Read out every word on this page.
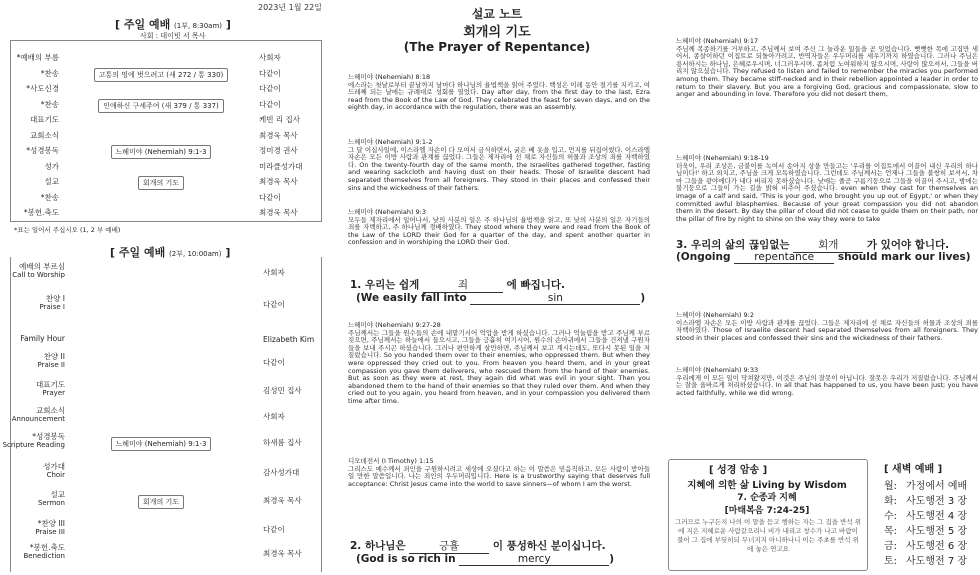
[ 주일 예배 (1부, 8:30am) ]
사회 : 데이빗 서 목사
*예배의 부름	사회자
*찬송	고통의 멍에 벗으려고 (새 272 / 통 330)	다같이
*사도신경	다같이
*찬송	인애하신 구세주여 (새 379 / 통 337)	다같이
대표기도	케빈 리 집사
교회소식	최경욱 목사
*성경봉독	느헤미야 (Nehemiah) 9:1-3	정미경 권사
성가	미라클성가대
설교	회개의 기도	최경욱 목사
*찬송	다같이
*봉헌.축도	최경욱 목사
*표는 일어서 주십시오 (1, 2 부 예배)
[ 주일 예배 (2부, 10:00am) ]
예배의 부르심
Call to Worship	사회자
찬양 I
Praise I	다같이
Family Hour	Elizabeth Kim
찬양 II
Praise II	다같이
대표기도
Prayer	김성민 집사
교회소식
Announcement	사회자
*성경봉독
Scripture Reading	느헤미야 (Nehemiah) 9:1-3	하새롬 집사
성가대
Choir	감사성가대
설교
Sermon	회개의 기도	최경욱 목사
*찬양 III
Praise III	다같이
*봉헌.축도
Benediction	최경욱 목사
2023년 1월 22일	설교 노트
회개의 기도
(The Prayer of Repentance)
느헤미야 (Nehemiah) 8:18
에스라는 첫날로부터 끝날까지 날마다 하나님의 율법책을 읽어 주었다. 백성은 이레 동안 절기를 지키고, 여드레째 되는 날에는 규례대로 성회를 열었다. Day after day, from the first day to the last, Ezra read from the Book of the Law of God. They celebrated the feast for seven days, and on the eighth day, in accordance with the regulation, there was an assembly.
느헤미야 (Nehemiah) 9:1-2
그 달 이십사일에, 이스라엘 자손이 다 모여서 금식하면서, 굵은 베 옷을 입고, 먼지를 뒤집어썼다. 이스라엘 자손은 모든 이방 사람과 관계를 끊었다. 그들은 제자리에 선 채로 자신들의 허물과 조상의 죄를 자백하였다. On the twenty-fourth day of the same month, the Israelites gathered together, fasting and wearing sackcloth and having dust on their heads. Those of Israelite descent had separated themselves from all foreigners. They stood in their places and confessed their sins and the wickedness of their fathers.
느헤미야 (Nehemiah) 9:3
모두들 제자리에서 일어나서, 낮의 사분의 일은 주 하나님의 율법책을 읽고, 또 낮의 사분의 일은 자기들의 죄를 자백하고, 주 하나님께 경배하였다. They stood where they were and read from the Book of the Law of the LORD their God for a quarter of the day, and spent another quarter in confession and in worshiping the LORD their God.
1. 우리는 쉽게	죄	에 빠집니다.
(We easily fall into	sin	)
느헤미야 (Nehemiah) 9:27-28
주님께서는 그들을 원수들의 손에 내맡기시어 억압을 받게 하셨습니다. 그러나 억눌림을 받고 주님께 부르짖으면, 주님께서는 하늘에서 들으시고, 그들을 긍휼히 여기시어, 원수의 손아귀에서 그들을 건져낼 구원자들을 보내 주시곤 하셨습니다. 그러나 편안하게 살만하면, 주님께서 보고 계시는데도, 또다시 못된 일을 저질렀습니다. So you handed them over to their enemies, who oppressed them. But when they were oppressed they cried out to you. From heaven you heard them, and in your great compassion you gave them deliverers, who rescued them from the hand of their enemies. But as soon as they were at rest, they again did what was evil in your sight. Then you abandoned them to the hand of their enemies so that they ruled over them. And when they cried out to you again, you heard from heaven, and in your compassion you delivered them time after time.
디모데전서 (I Timothy) 1:15
그리스도 예수께서 죄인을 구원하시려고 세상에 오셨다고 하는 이 말씀은 믿음직하고, 모든 사람이 받아들일 만한 말씀입니다. 나는 죄인의 우두머리입니다. Here is a trustworthy saying that deserves full acceptance: Christ Jesus came into the world to save sinners—of whom I am the worst.
2. 하나님은	긍휼	이 풍성하신 분이십니다.
(God is so rich in	mercy	)
느헤미야 (Nehemiah) 9:17
주님께 복종하기를 거부하고, 주님께서 보여 주신 그 놀라운 일들을 곧 잊었습니다. 뻣뻣한 목에 고집만 세어서, 종살이하던 이집트로 되돌아가려고, 반역자들은 우두머리를 세우기까지 하였습니다. 그러나 주님은 용서하시는 하나님, 은혜로우시며, 너그러우시며, 좀처럼 노여워하지 않으시며, 사랑이 많으셔서, 그들을 버리지 않으셨습니다. They refused to listen and failed to remember the miracles you performed among them. They became stiff-necked and in their rebellion appointed a leader in order to return to their slavery. But you are a forgiving God, gracious and compassionate, slow to anger and abounding in love. Therefore you did not desert them,
느헤미야 (Nehemiah) 9:18-19
더욱이, 우리 조상은, 금붙이를 녹여서 송아지 상을 만들고는 '우리를 이집트에서 이끌어 내신 우리의 하나님이다!' 하고 외치고, 주님을 크게 모독하였습니다. 그런데도 주님께서는 언제나 그들을 불쌍히 보셔서, 차마 그들을 광야에다가 내다 버리지 못하셨습니다. 낮에는 줄곧 구름기둥으로 그들을 이끌어 주시고, 밤에는 불기둥으로 그들이 가는 길을 밝혀 비추어 주셨습니다. even when they cast for themselves an image of a calf and said, 'This is your god, who brought you up out of Egypt,' or when they committed awful blasphemies. Because of your great compassion you did not abandon them in the desert. By day the pillar of cloud did not cease to guide them on their path, nor the pillar of fire by night to shine on the way they were to take
3. 우리의 삶의 끊임없는 회개 가 있어야 합니다.
(Ongoing repentance should mark our lives)
느헤미야 (Nehemiah) 9:2
이스라엘 자손은 모든 이방 사람과 관계를 끊었다. 그들은 제자리에 선 채로 자신들의 허물과 조상의 죄를 자백하였다. Those of Israelite descent had separated themselves from all foreigners. They stood in their places and confessed their sins and the wickedness of their fathers.
느헤미야 (Nehemiah) 9:33
우리에게 이 모든 일이 닥쳐왔지만, 이것은 주님의 잘못이 아닙니다. 잘못은 우리가 저질렀습니다. 주님께서는 잘을 올바르게 처리하셨습니다. In all that has happened to us, you have been just; you have acted faithfully, while we did wrong.
[ 성경 암송 ]
지혜에 의한 삶 Living by Wisdom
7. 순종과 지혜
[마태복음 7:24-25]
그러므로 누구든지 나의 이 말을 듣고 행하는 자는 그 집을 반석 위에 지은 지혜로운 사람같으리니 비가 내리고 창수가 나고 바람이 불어 그 집에 부딪히되 무너지지 아니하나니 이는 주초를 반석 위에 놓은 연고요
[ 새벽 예배 ]
월: 가정에서 예배
화: 사도행전 3 장
수: 사도행전 4 장
목: 사도행전 5 장
금: 사도행전 6 장
토: 사도행전 7 장
